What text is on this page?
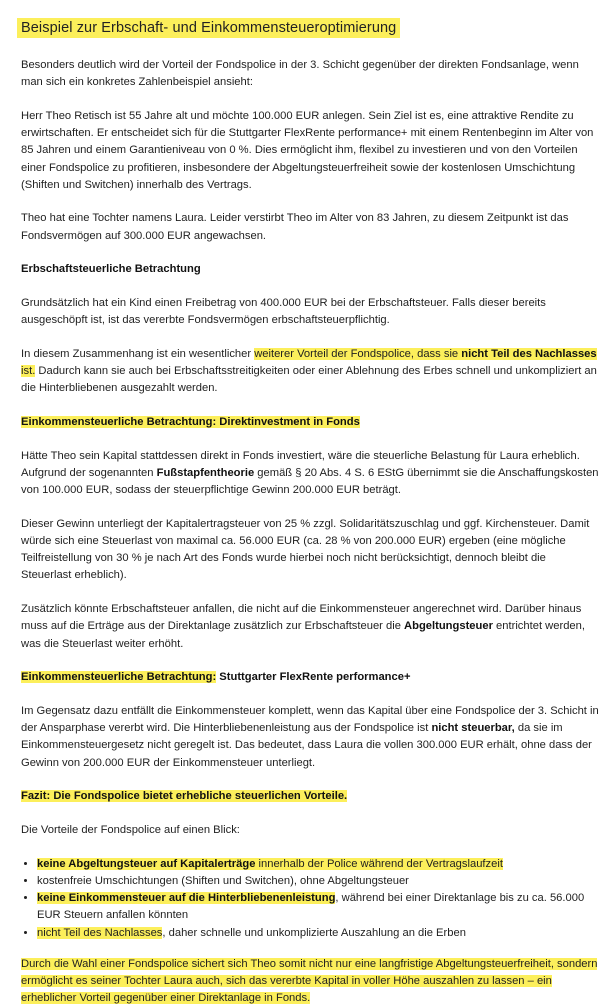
Beispiel zur Erbschaft- und Einkommensteueroptimierung

Besonders deutlich wird der Vorteil der Fondspolice in der 3. Schicht gegenüber der direkten Fondsanlage, wenn man sich ein konkretes Zahlenbeispiel ansieht:

Herr Theo Retisch ist 55 Jahre alt und möchte 100.000 EUR anlegen. Sein Ziel ist es, eine attraktive Rendite zu erwirtschaften. Er entscheidet sich für die Stuttgarter FlexRente performance+ mit einem Rentenbeginn im Alter von 85 Jahren und einem Garantieniveau von 0 %. Dies ermöglicht ihm, flexibel zu investieren und von den Vorteilen einer Fondspolice zu profitieren, insbesondere der Abgeltungsteuerfreiheit sowie der kostenlosen Umschichtung (Shiften und Switchen) innerhalb des Vertrags.

Theo hat eine Tochter namens Laura. Leider verstirbt Theo im Alter von 83 Jahren, zu diesem Zeitpunkt ist das Fondsvermögen auf 300.000 EUR angewachsen.

Erbschaftsteuerliche Betrachtung

Grundsätzlich hat ein Kind einen Freibetrag von 400.000 EUR bei der Erbschaftsteuer. Falls dieser bereits ausgeschöpft ist, ist das vererbte Fondsvermögen erbschaftsteuerpflichtig.

In diesem Zusammenhang ist ein wesentlicher weiterer Vorteil der Fondspolice, dass sie nicht Teil des Nachlasses ist. Dadurch kann sie auch bei Erbschaftsstreitigkeiten oder einer Ablehnung des Erbes schnell und unkompliziert an die Hinterbliebenen ausgezahlt werden.

Einkommensteuerliche Betrachtung: Direktinvestment in Fonds

Hätte Theo sein Kapital stattdessen direkt in Fonds investiert, wäre die steuerliche Belastung für Laura erheblich. Aufgrund der sogenannten Fußstapfentheorie gemäß § 20 Abs. 4 S. 6 EStG übernimmt sie die Anschaffungskosten von 100.000 EUR, sodass der steuerpflichtige Gewinn 200.000 EUR beträgt.

Dieser Gewinn unterliegt der Kapitalertragsteuer von 25 % zzgl. Solidaritätszuschlag und ggf. Kirchensteuer. Damit würde sich eine Steuerlast von maximal ca. 56.000 EUR (ca. 28 % von 200.000 EUR) ergeben (eine mögliche Teilfreistellung von 30 % je nach Art des Fonds wurde hierbei noch nicht berücksichtigt, dennoch bleibt die Steuerlast erheblich).

Zusätzlich könnte Erbschaftsteuer anfallen, die nicht auf die Einkommensteuer angerechnet wird. Darüber hinaus muss auf die Erträge aus der Direktanlage zusätzlich zur Erbschaftsteuer die Abgeltungsteuer entrichtet werden, was die Steuerlast weiter erhöht.

Einkommensteuerliche Betrachtung: Stuttgarter FlexRente performance+

Im Gegensatz dazu entfällt die Einkommensteuer komplett, wenn das Kapital über eine Fondspolice der 3. Schicht in der Ansparphase vererbt wird. Die Hinterbliebenenleistung aus der Fondspolice ist nicht steuerbar, da sie im Einkommensteuergesetz nicht geregelt ist. Das bedeutet, dass Laura die vollen 300.000 EUR erhält, ohne dass der Gewinn von 200.000 EUR der Einkommensteuer unterliegt.

Fazit: Die Fondspolice bietet erhebliche steuerlichen Vorteile.

Die Vorteile der Fondspolice auf einen Blick:

• keine Abgeltungsteuer auf Kapitalerträge innerhalb der Police während der Vertragslaufzeit
• kostenfreie Umschichtungen (Shiften und Switchen), ohne Abgeltungsteuer
• keine Einkommensteuer auf die Hinterbliebenenleistung, während bei einer Direktanlage bis zu ca. 56.000 EUR Steuern anfallen könnten
• nicht Teil des Nachlasses, daher schnelle und unkomplizierte Auszahlung an die Erben

Durch die Wahl einer Fondspolice sichert sich Theo somit nicht nur eine langfristige Abgeltungsteuerfreiheit, sondern ermöglicht es seiner Tochter Laura auch, sich das vererbte Kapital in voller Höhe auszahlen zu lassen – ein erheblicher Vorteil gegenüber einer Direktanlage in Fonds.
